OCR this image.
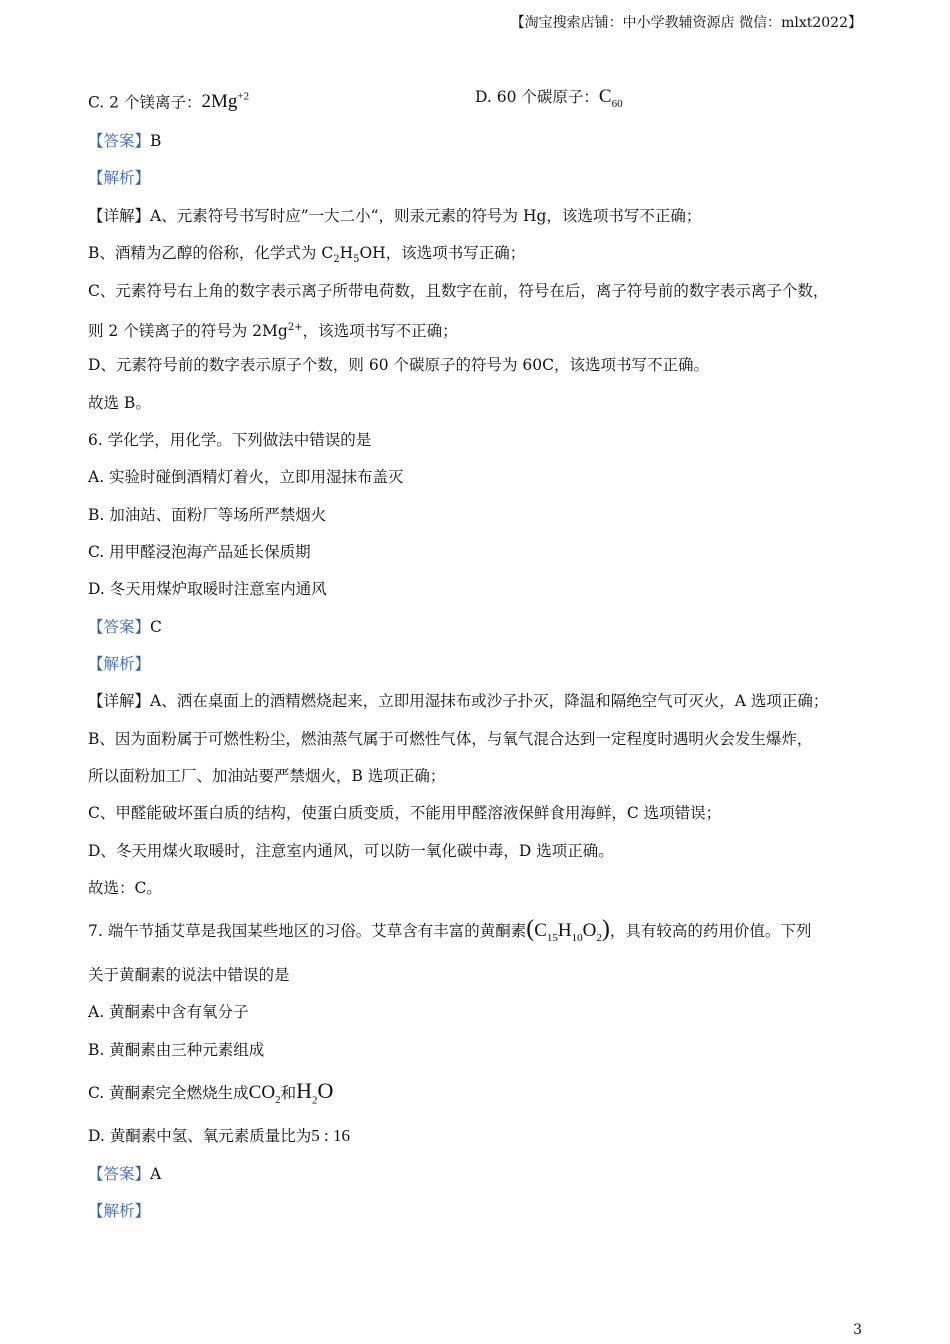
【淘宝搜索店铺：中小学教辅资源店 微信：mlxt2022】
C. 2 个镁离子：$2Mg^{+2}$	D. 60 个碳原子：$C_{60}$
【答案】B
【解析】
【详解】A、元素符号书写时应”一大二小“，则汞元素的符号为 Hg，该选项书写不正确；
B、酒精为乙醇的俗称，化学式为 $C_2H_5OH$，该选项书写正确；
C、元素符号右上角的数字表示离子所带电荷数，且数字在前，符号在后，离子符号前的数字表示离子个数，
则 2 个镁离子的符号为 $2Mg^{2+}$，该选项书写不正确；
D、元素符号前的数字表示原子个数，则 60 个碳原子的符号为 60C，该选项书写不正确。
故选 B。
6. 学化学，用化学。下列做法中错误的是
A. 实验时碰倒酒精灯着火，立即用湿抹布盖灭
B. 加油站、面粉厂等场所严禁烟火
C. 用甲醛浸泡海产品延长保质期
D. 冬天用煤炉取暖时注意室内通风
【答案】C
【解析】
【详解】A、洒在桌面上的酒精燃烧起来，立即用湿抹布或沙子扑灭，降温和隔绝空气可灭火，A 选项正确；
B、因为面粉属于可燃性粉尘，燃油蒸气属于可燃性气体，与氧气混合达到一定程度时遇明火会发生爆炸，
所以面粉加工厂、加油站要严禁烟火，B 选项正确；
C、甲醛能破坏蛋白质的结构，使蛋白质变质，不能用甲醛溶液保鲜食用海鲜，C 选项错误；
D、冬天用煤火取暖时，注意室内通风，可以防一氧化碳中毒，D 选项正确。
故选：C。
7. 端午节插艾草是我国某些地区的习俗。艾草含有丰富的黄酮素$(C_{15}H_{10}O_2)$，具有较高的药用价值。下列
关于黄酮素的说法中错误的是
A. 黄酮素中含有氧分子
B. 黄酮素由三种元素组成
C. 黄酮素完全燃烧生成$CO_2$和$H_2O$
D. 黄酮素中氢、氧元素质量比为5 : 16
【答案】A
【解析】
3
